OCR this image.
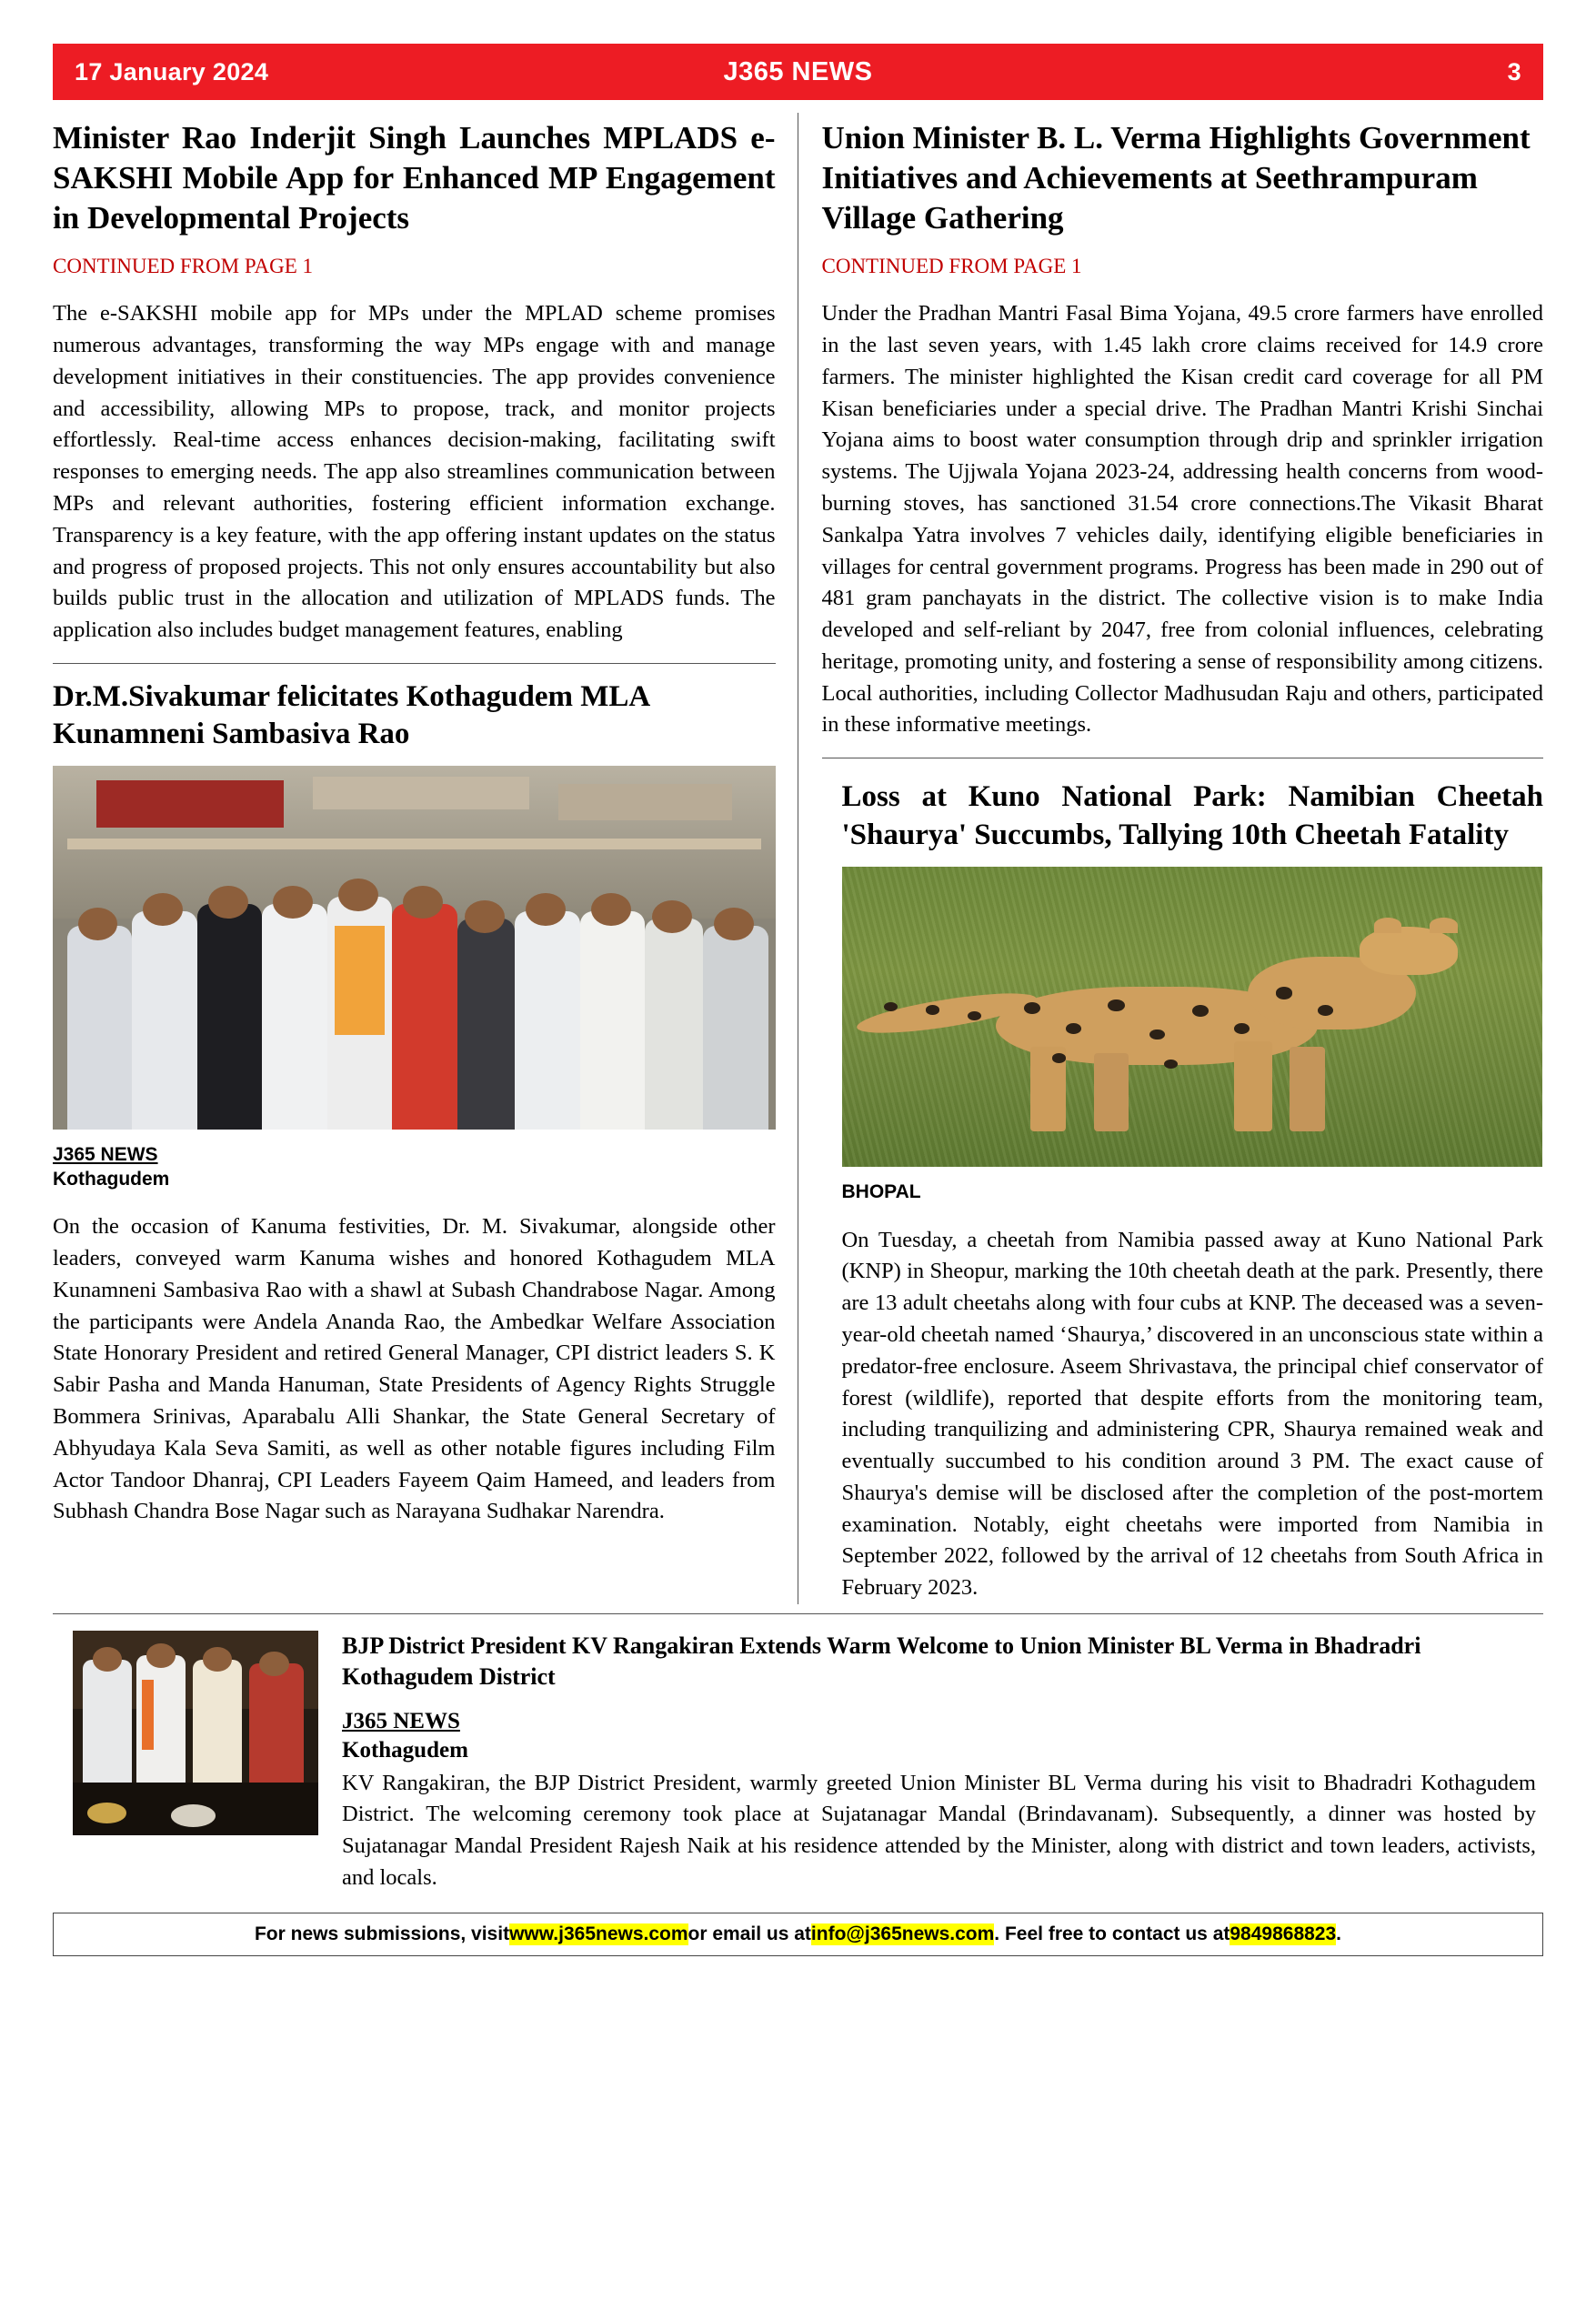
17 January 2024	J365 NEWS	3
Minister Rao Inderjit Singh Launches MPLADS e-SAKSHI Mobile App for Enhanced MP Engagement in Developmental Projects
CONTINUED FROM PAGE 1

The e-SAKSHI mobile app for MPs under the MPLAD scheme promises numerous advantages, transforming the way MPs engage with and manage development initiatives in their constituencies. The app provides convenience and accessibility, allowing MPs to propose, track, and monitor projects effortlessly. Real-time access enhances decision-making, facilitating swift responses to emerging needs. The app also streamlines communication between MPs and relevant authorities, fostering efficient information exchange. Transparency is a key feature, with the app offering instant updates on the status and progress of proposed projects. This not only ensures accountability but also builds public trust in the allocation and utilization of MPLADS funds. The application also includes budget management features, enabling

Dr.M.Sivakumar felicitates Kothagudem MLA Kunamneni Sambasiva Rao
J365 NEWS
Kothagudem

On the occasion of Kanuma festivities, Dr. M. Sivakumar, alongside other leaders, conveyed warm Kanuma wishes and honored Kothagudem MLA Kunamneni Sambasiva Rao with a shawl at Subash Chandrabose Nagar. Among the participants were Andela Ananda Rao, the Ambedkar Welfare Association State Honorary President and retired General Manager, CPI district leaders S. K Sabir Pasha and Manda Hanuman, State Presidents of Agency Rights Struggle Bommera Srinivas, Aparabalu Alli Shankar, the State General Secretary of Abhyudaya Kala Seva Samiti, as well as other notable figures including Film Actor Tandoor Dhanraj, CPI Leaders Fayeem Qaim Hameed, and leaders from Subhash Chandra Bose Nagar such as Narayana Sudhakar Narendra.

Union Minister B. L. Verma Highlights Government Initiatives and Achievements at Seethrampuram Village Gathering
CONTINUED FROM PAGE 1

Under the Pradhan Mantri Fasal Bima Yojana, 49.5 crore farmers have enrolled in the last seven years, with 1.45 lakh crore claims received for 14.9 crore farmers. The minister highlighted the Kisan credit card coverage for all PM Kisan beneficiaries under a special drive. The Pradhan Mantri Krishi Sinchai Yojana aims to boost water consumption through drip and sprinkler irrigation systems. The Ujjwala Yojana 2023-24, addressing health concerns from wood-burning stoves, has sanctioned 31.54 crore connections.The Vikasit Bharat Sankalpa Yatra involves 7 vehicles daily, identifying eligible beneficiaries in villages for central government programs. Progress has been made in 290 out of 481 gram panchayats in the district. The collective vision is to make India developed and self-reliant by 2047, free from colonial influences, celebrating heritage, promoting unity, and fostering a sense of responsibility among citizens. Local authorities, including Collector Madhusudan Raju and others, participated in these informative meetings.

Loss at Kuno National Park: Namibian Cheetah 'Shaurya' Succumbs, Tallying 10th Cheetah Fatality
BHOPAL

On Tuesday, a cheetah from Namibia passed away at Kuno National Park (KNP) in Sheopur, marking the 10th cheetah death at the park. Presently, there are 13 adult cheetahs along with four cubs at KNP. The deceased was a seven-year-old cheetah named ‘Shaurya,’ discovered in an unconscious state within a predator-free enclosure. Aseem Shrivastava, the principal chief conservator of forest (wildlife), reported that despite efforts from the monitoring team, including tranquilizing and administering CPR, Shaurya remained weak and eventually succumbed to his condition around 3 PM. The exact cause of Shaurya's demise will be disclosed after the completion of the post-mortem examination. Notably, eight cheetahs were imported from Namibia in September 2022, followed by the arrival of 12 cheetahs from South Africa in February 2023.

BJP District President KV Rangakiran Extends Warm Welcome to Union Minister BL Verma in Bhadradri Kothagudem District
J365 NEWS
Kothagudem
KV Rangakiran, the BJP District President, warmly greeted Union Minister BL Verma during his visit to Bhadradri Kothagudem District. The welcoming ceremony took place at Sujatanagar Mandal (Brindavanam). Subsequently, a dinner was hosted by Sujatanagar Mandal President Rajesh Naik at his residence attended by the Minister, along with district and town leaders, activists, and locals.
For news submissions, visit www.j365news.com or email us at info@j365news.com . Feel free to contact us at 9849868823 .
